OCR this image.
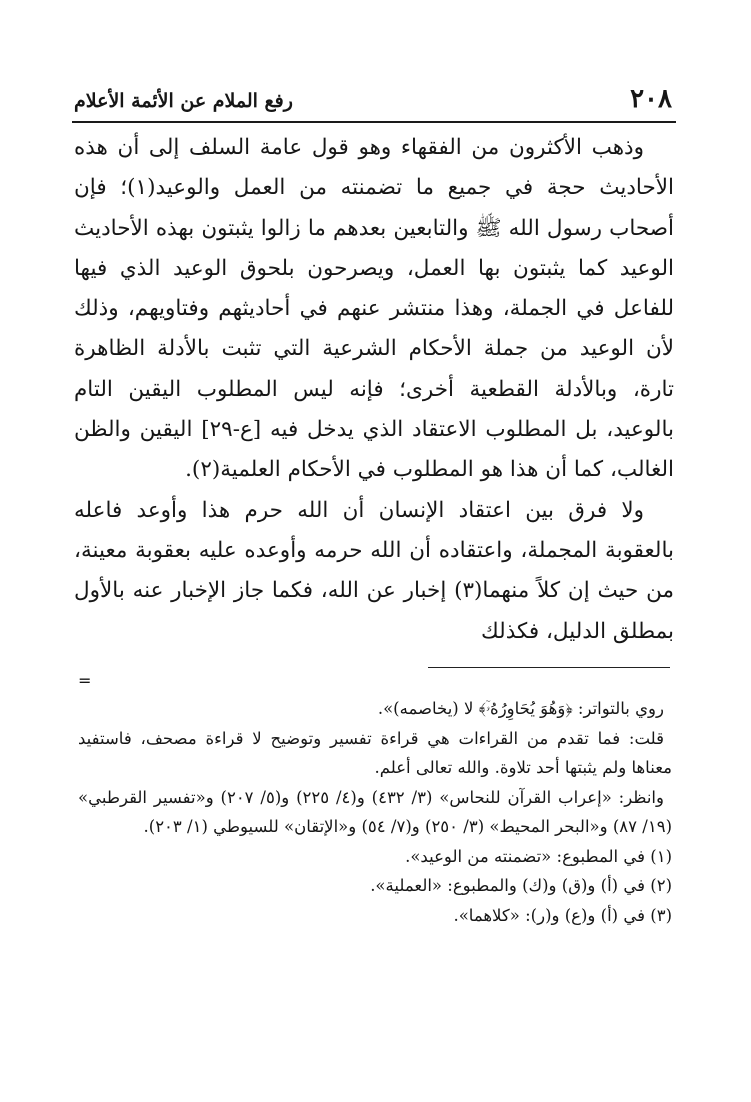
٢٠٨
رفع الملام عن الأئمة الأعلام

وذهب الأكثرون من الفقهاء وهو قول عامة السلف إلى أن هذه الأحاديث حجة في جميع ما تضمنته من العمل والوعيد(١)؛ فإن أصحاب رسول الله ﷺ والتابعين بعدهم ما زالوا يثبتون بهذه الأحاديث الوعيد كما يثبتون بها العمل، ويصرحون بلحوق الوعيد الذي فيها للفاعل في الجملة، وهذا منتشر عنهم في أحاديثهم وفتاويهم، وذلك لأن الوعيد من جملة الأحكام الشرعية التي تثبت بالأدلة الظاهرة تارة، وبالأدلة القطعية أخرى؛ فإنه ليس المطلوب اليقين التام بالوعيد، بل المطلوب الاعتقاد الذي يدخل فيه [ع-٢٩] اليقين والظن الغالب، كما أن هذا هو المطلوب في الأحكام العلمية(٢).

ولا فرق بين اعتقاد الإنسان أن الله حرم هذا وأوعد فاعله بالعقوبة المجملة، واعتقاده أن الله حرمه وأوعده عليه بعقوبة معينة، من حيث إن كلاً منهما(٣) إخبار عن الله، فكما جاز الإخبار عنه بالأول بمطلق الدليل، فكذلك

=

روي بالتواتر: ﴿وَهُوَ يُحَاوِرُهُۥٓ﴾ لا (يخاصمه)».

قلت: فما تقدم من القراءات هي قراءة تفسير وتوضيح لا قراءة مصحف، فاستفيد معناها ولم يثبتها أحد تلاوة. والله تعالى أعلم.

وانظر: «إعراب القرآن للنحاس» (٣/ ٤٣٢) و(٤/ ٢٢٥) و(٥/ ٢٠٧) و«تفسير القرطبي» (١٩/ ٨٧) و«البحر المحيط» (٣/ ٢٥٠) و(٧/ ٥٤) و«الإتقان» للسيوطي (١/ ٢٠٣).

(١) في المطبوع: «تضمنته من الوعيد».

(٢) في (أ) و(ق) و(ك) والمطبوع: «العملية».

(٣) في (أ) و(ع) و(ر): «كلاهما».
